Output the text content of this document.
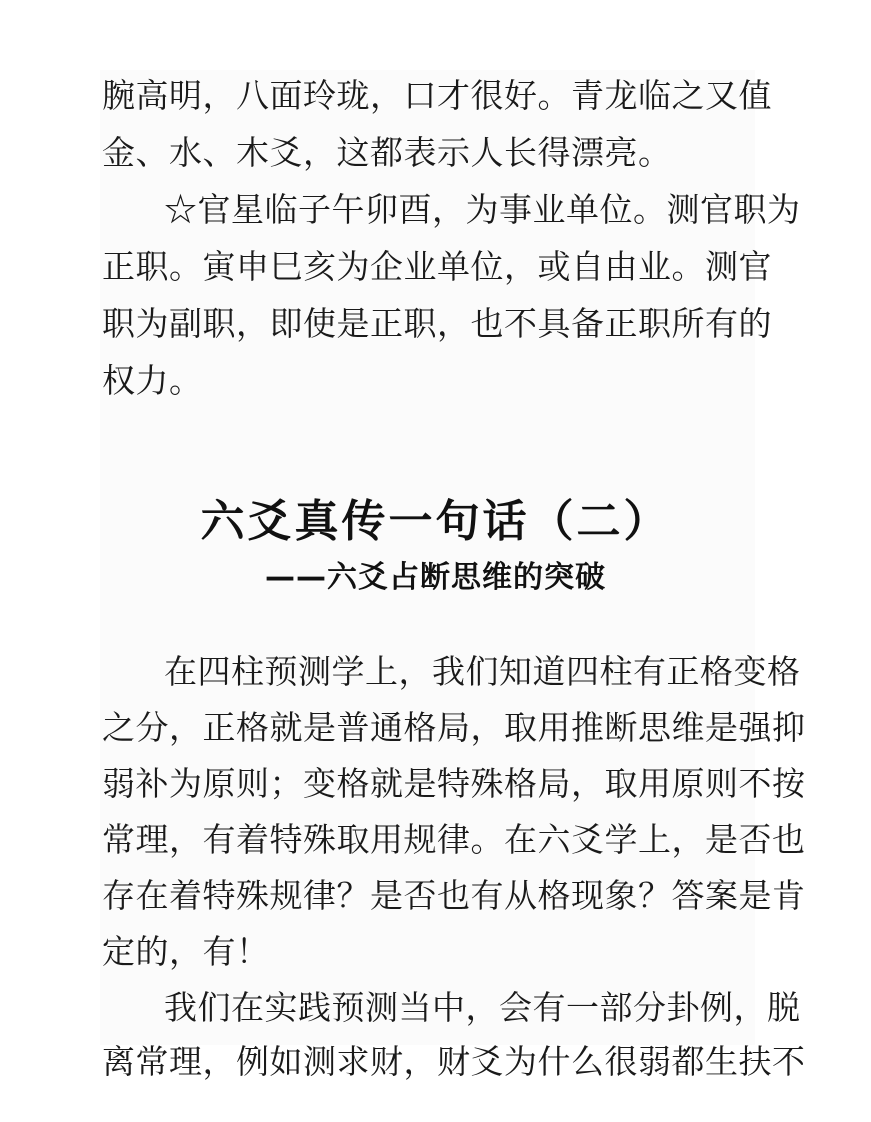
腕高明，八面玲珑，口才很好。青龙临之又值

金、水、木爻，这都表示人长得漂亮。

☆官星临子午卯酉，为事业单位。测官职为

正职。寅申巳亥为企业单位，或自由业。测官

职为副职，即使是正职，也不具备正职所有的

权力。

六爻真传一句话（二）
——六爻占断思维的突破

在四柱预测学上，我们知道四柱有正格变格

之分，正格就是普通格局，取用推断思维是强抑

弱补为原则；变格就是特殊格局，取用原则不按

常理，有着特殊取用规律。在六爻学上，是否也

存在着特殊规律？是否也有从格现象？答案是肯

定的，有！

我们在实践预测当中，会有一部分卦例，脱

离常理，例如测求财，财爻为什么很弱都生扶不
